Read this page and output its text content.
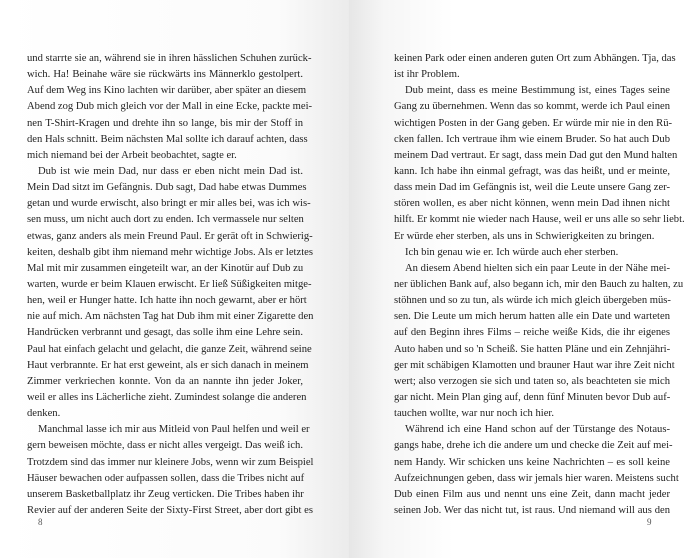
und starrte sie an, während sie in ihren hässlichen Schuhen zurück-
wich. Ha! Beinahe wäre sie rückwärts ins Männerklo gestolpert.
Auf dem Weg ins Kino lachten wir darüber, aber später an diesem
Abend zog Dub mich gleich vor der Mall in eine Ecke, packte mei-
nen T-Shirt-Kragen und drehte ihn so lange, bis mir der Stoff in
den Hals schnitt. Beim nächsten Mal sollte ich darauf achten, dass
mich niemand bei der Arbeit beobachtet, sagte er.
Dub ist wie mein Dad, nur dass er eben nicht mein Dad ist.
Mein Dad sitzt im Gefängnis. Dub sagt, Dad habe etwas Dummes
getan und wurde erwischt, also bringt er mir alles bei, was ich wis-
sen muss, um nicht auch dort zu enden. Ich vermassele nur selten
etwas, ganz anders als mein Freund Paul. Er gerät oft in Schwierig-
keiten, deshalb gibt ihm niemand mehr wichtige Jobs. Als er letztes
Mal mit mir zusammen eingeteilt war, an der Kinotür auf Dub zu
warten, wurde er beim Klauen erwischt. Er ließ Süßigkeiten mitge-
hen, weil er Hunger hatte. Ich hatte ihn noch gewarnt, aber er hört
nie auf mich. Am nächsten Tag hat Dub ihm mit einer Zigarette den
Handrücken verbrannt und gesagt, das solle ihm eine Lehre sein.
Paul hat einfach gelacht und gelacht, die ganze Zeit, während seine
Haut verbrannte. Er hat erst geweint, als er sich danach in meinem
Zimmer verkriechen konnte. Von da an nannte ihn jeder Joker,
weil er alles ins Lächerliche zieht. Zumindest solange die anderen
denken.
Manchmal lasse ich mir aus Mitleid von Paul helfen und weil er
gern beweisen möchte, dass er nicht alles vergeigt. Das weiß ich.
Trotzdem sind das immer nur kleinere Jobs, wenn wir zum Beispiel
Häuser bewachen oder aufpassen sollen, dass die Tribes nicht auf
unserem Basketballplatz ihr Zeug verticken. Die Tribes haben ihr
Revier auf der anderen Seite der Sixty-First Street, aber dort gibt es
8
keinen Park oder einen anderen guten Ort zum Abhängen. Tja, das
ist ihr Problem.
Dub meint, dass es meine Bestimmung ist, eines Tages seine
Gang zu übernehmen. Wenn das so kommt, werde ich Paul einen
wichtigen Posten in der Gang geben. Er würde mir nie in den Rü-
cken fallen. Ich vertraue ihm wie einem Bruder. So hat auch Dub
meinem Dad vertraut. Er sagt, dass mein Dad gut den Mund halten
kann. Ich habe ihn einmal gefragt, was das heißt, und er meinte,
dass mein Dad im Gefängnis ist, weil die Leute unsere Gang zer-
stören wollen, es aber nicht können, wenn mein Dad ihnen nicht
hilft. Er kommt nie wieder nach Hause, weil er uns alle so sehr liebt.
Er würde eher sterben, als uns in Schwierigkeiten zu bringen.
Ich bin genau wie er. Ich würde auch eher sterben.
An diesem Abend hielten sich ein paar Leute in der Nähe mei-
ner üblichen Bank auf, also begann ich, mir den Bauch zu halten, zu
stöhnen und so zu tun, als würde ich mich gleich übergeben müs-
sen. Die Leute um mich herum hatten alle ein Date und warteten
auf den Beginn ihres Films – reiche weiße Kids, die ihr eigenes
Auto haben und so 'n Scheiß. Sie hatten Pläne und ein Zehnjähri-
ger mit schäbigen Klamotten und brauner Haut war ihre Zeit nicht
wert; also verzogen sie sich und taten so, als beachteten sie mich
gar nicht. Mein Plan ging auf, denn fünf Minuten bevor Dub auf-
tauchen wollte, war nur noch ich hier.
Während ich eine Hand schon auf der Türstange des Notaus-
gangs habe, drehe ich die andere um und checke die Zeit auf mei-
nem Handy. Wir schicken uns keine Nachrichten – es soll keine
Aufzeichnungen geben, dass wir jemals hier waren. Meistens sucht
Dub einen Film aus und nennt uns eine Zeit, dann macht jeder
seinen Job. Wer das nicht tut, ist raus. Und niemand will aus den
9
